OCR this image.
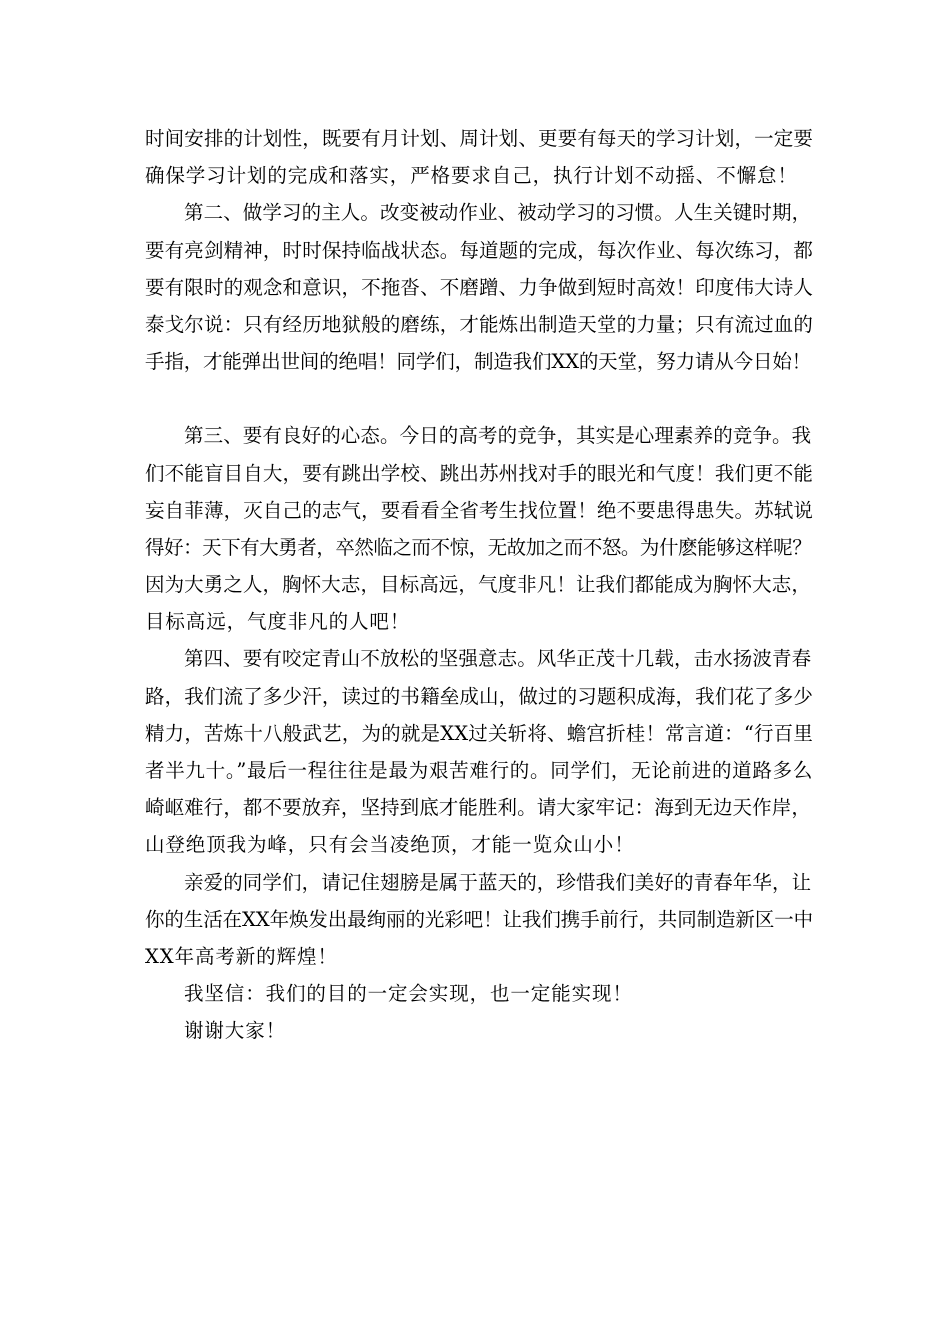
时间安排的计划性，既要有月计划、周计划、更要有每天的学习计划，一定要
确保学习计划的完成和落实，严格要求自己，执行计划不动摇、不懈怠！
第二、做学习的主人。改变被动作业、被动学习的习惯。人生关键时期，
要有亮剑精神，时时保持临战状态。每道题的完成，每次作业、每次练习，都
要有限时的观念和意识，不拖沓、不磨蹭、力争做到短时高效！印度伟大诗人
泰戈尔说：只有经历地狱般的磨练，才能炼出制造天堂的力量；只有流过血的
手指，才能弹出世间的绝唱！同学们，制造我们XX的天堂，努力请从今日始！
第三、要有良好的心态。今日的高考的竞争，其实是心理素养的竞争。我
们不能盲目自大，要有跳出学校、跳出苏州找对手的眼光和气度！我们更不能
妄自菲薄，灭自己的志气，要看看全省考生找位置！绝不要患得患失。苏轼说
得好：天下有大勇者，卒然临之而不惊，无故加之而不怒。为什麽能够这样呢？
因为大勇之人，胸怀大志，目标高远，气度非凡！让我们都能成为胸怀大志，
目标高远，气度非凡的人吧！
第四、要有咬定青山不放松的坚强意志。风华正茂十几载，击水扬波青春
路，我们流了多少汗，读过的书籍垒成山，做过的习题积成海，我们花了多少
精力，苦炼十八般武艺，为的就是XX过关斩将、蟾宫折桂！常言道：“行百里
者半九十。”最后一程往往是最为艰苦难行的。同学们，无论前进的道路多么
崎岖难行，都不要放弃，坚持到底才能胜利。请大家牢记：海到无边天作岸，
山登绝顶我为峰，只有会当凌绝顶，才能一览众山小！
亲爱的同学们，请记住翅膀是属于蓝天的，珍惜我们美好的青春年华，让
你的生活在XX年焕发出最绚丽的光彩吧！让我们携手前行，共同制造新区一中
XX年高考新的辉煌！
我坚信：我们的目的一定会实现，也一定能实现！
谢谢大家！
